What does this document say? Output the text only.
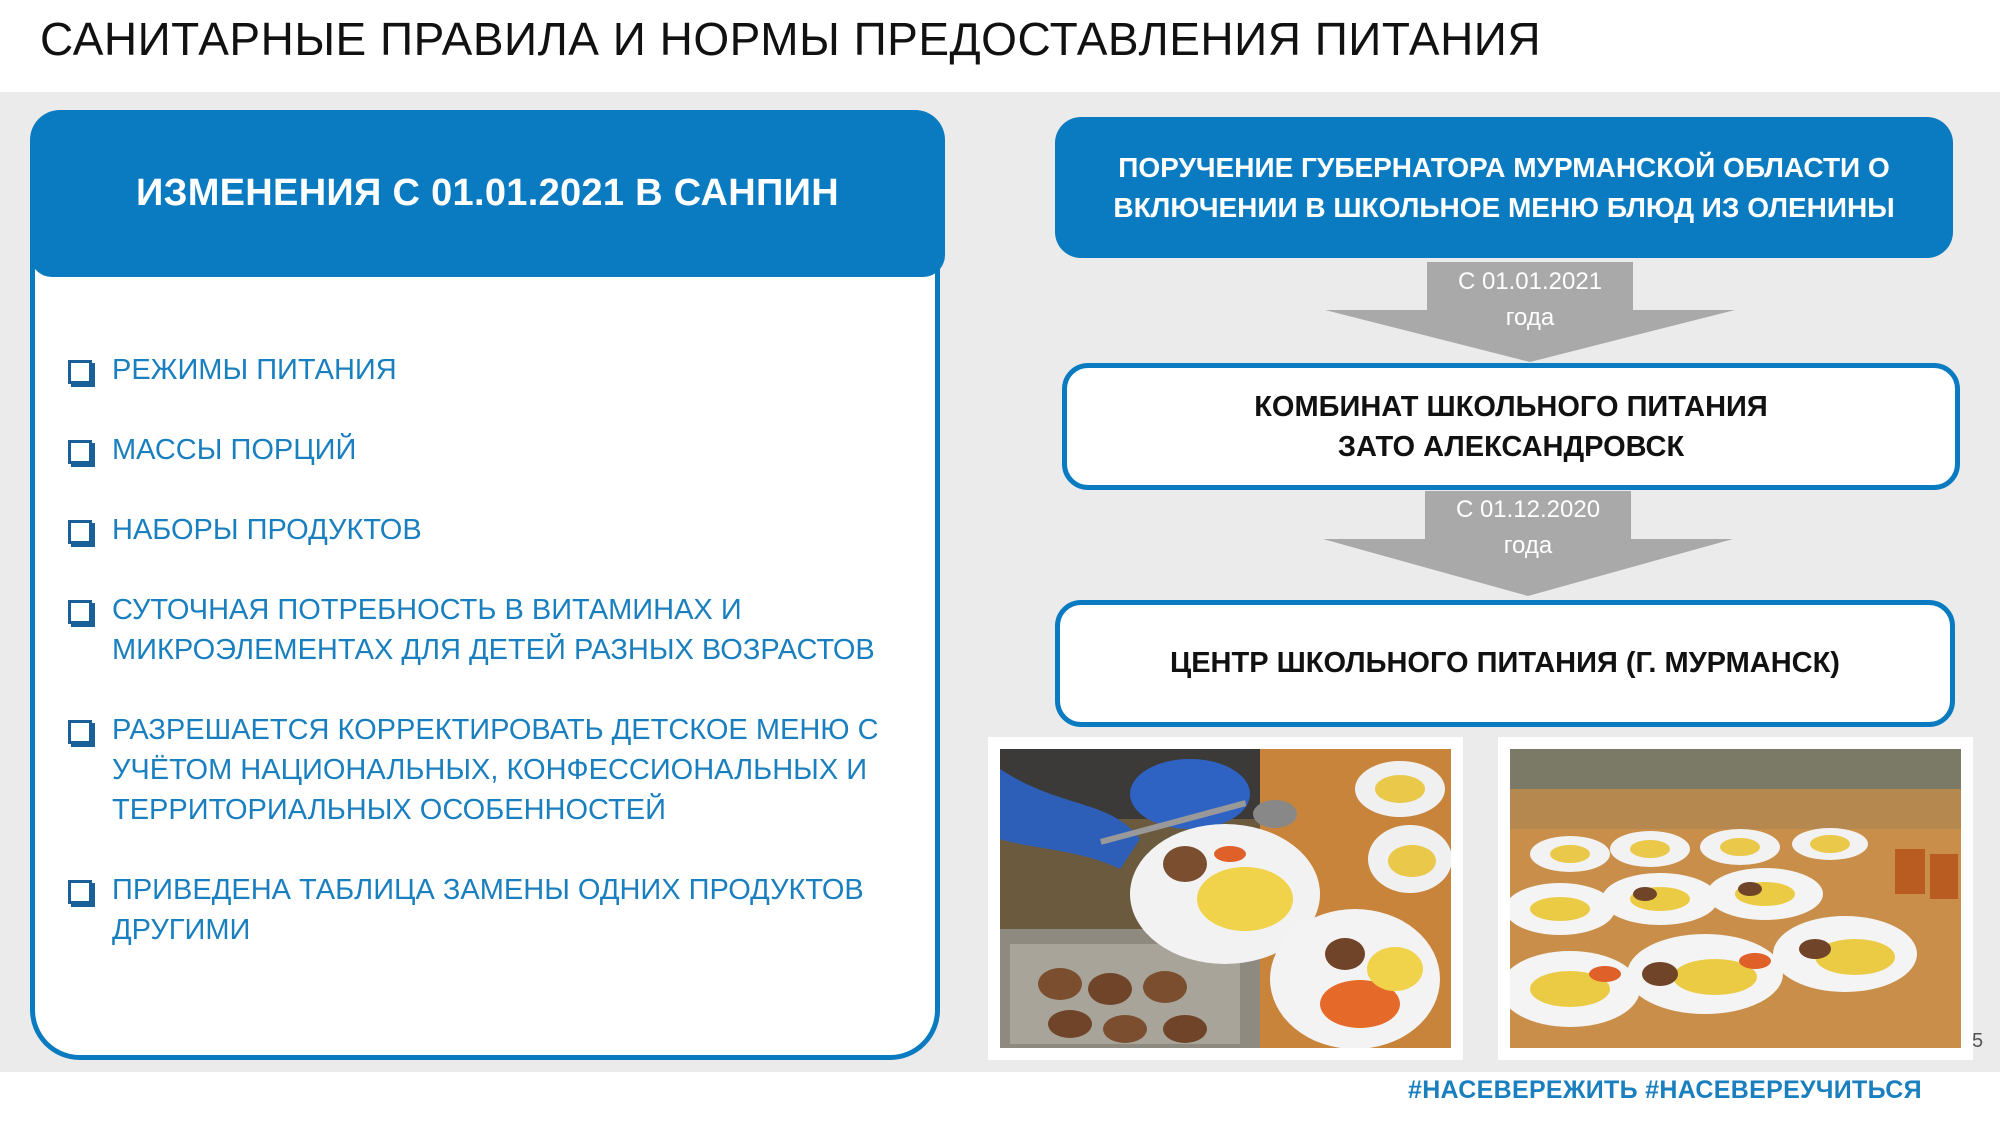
САНИТАРНЫЕ ПРАВИЛА И НОРМЫ ПРЕДОСТАВЛЕНИЯ ПИТАНИЯ
ИЗМЕНЕНИЯ С 01.01.2021 В САНПИН
РЕЖИМЫ ПИТАНИЯ
МАССЫ ПОРЦИЙ
НАБОРЫ ПРОДУКТОВ
СУТОЧНАЯ ПОТРЕБНОСТЬ В ВИТАМИНАХ И
МИКРОЭЛЕМЕНТАХ ДЛЯ ДЕТЕЙ РАЗНЫХ ВОЗРАСТОВ
РАЗРЕШАЕТСЯ КОРРЕКТИРОВАТЬ ДЕТСКОЕ МЕНЮ С
УЧЁТОМ НАЦИОНАЛЬНЫХ, КОНФЕССИОНАЛЬНЫХ И
ТЕРРИТОРИАЛЬНЫХ ОСОБЕННОСТЕЙ
ПРИВЕДЕНА ТАБЛИЦА ЗАМЕНЫ ОДНИХ ПРОДУКТОВ
ДРУГИМИ
ПОРУЧЕНИЕ ГУБЕРНАТОРА МУРМАНСКОЙ ОБЛАСТИ О
ВКЛЮЧЕНИИ В ШКОЛЬНОЕ МЕНЮ БЛЮД ИЗ ОЛЕНИНЫ
С 01.01.2021
года
КОМБИНАТ ШКОЛЬНОГО ПИТАНИЯ
ЗАТО АЛЕКСАНДРОВСК
С 01.12.2020
года
ЦЕНТР ШКОЛЬНОГО ПИТАНИЯ (Г. МУРМАНСК)
5
#НАСЕВЕРЕЖИТЬ #НАСЕВЕРЕУЧИТЬСЯ
